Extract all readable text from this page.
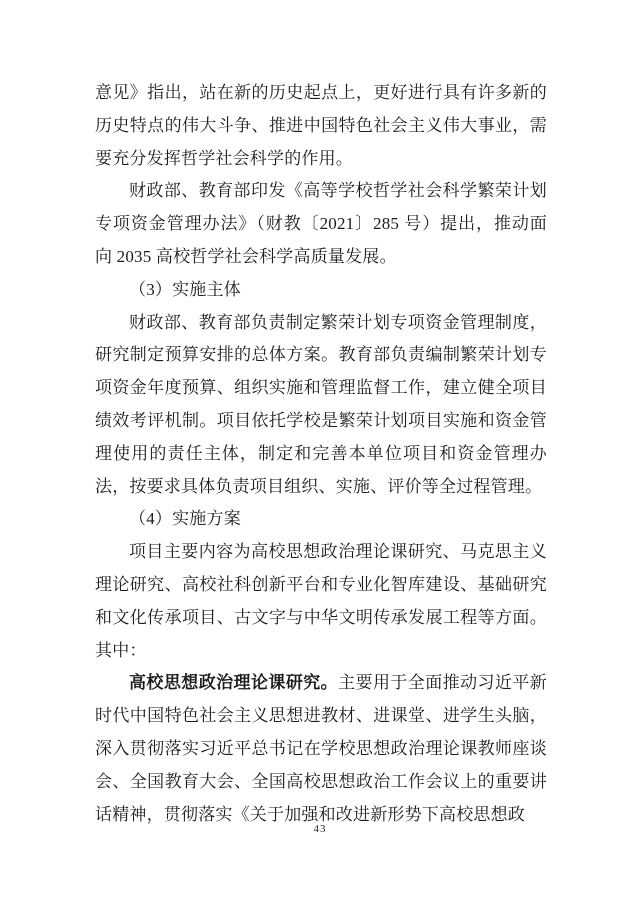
意见》指出，站在新的历史起点上，更好进行具有许多新的历史特点的伟大斗争、推进中国特色社会主义伟大事业，需要充分发挥哲学社会科学的作用。

财政部、教育部印发《高等学校哲学社会科学繁荣计划专项资金管理办法》（财教〔2021〕285 号）提出，推动面向 2035 高校哲学社会科学高质量发展。

（3）实施主体

财政部、教育部负责制定繁荣计划专项资金管理制度，研究制定预算安排的总体方案。教育部负责编制繁荣计划专项资金年度预算、组织实施和管理监督工作，建立健全项目绩效考评机制。项目依托学校是繁荣计划项目实施和资金管理使用的责任主体，制定和完善本单位项目和资金管理办法，按要求具体负责项目组织、实施、评价等全过程管理。

（4）实施方案

项目主要内容为高校思想政治理论课研究、马克思主义理论研究、高校社科创新平台和专业化智库建设、基础研究和文化传承项目、古文字与中华文明传承发展工程等方面。其中：

高校思想政治理论课研究。主要用于全面推动习近平新时代中国特色社会主义思想进教材、进课堂、进学生头脑，深入贯彻落实习近平总书记在学校思想政治理论课教师座谈会、全国教育大会、全国高校思想政治工作会议上的重要讲话精神，贯彻落实《关于加强和改进新形势下高校思想政

43
